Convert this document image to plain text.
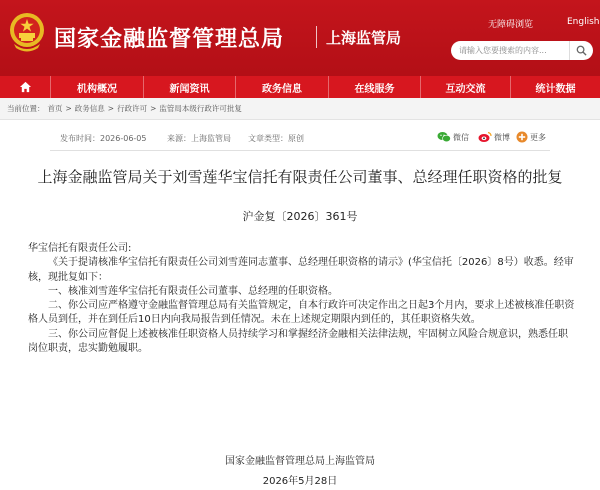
国家金融监督管理总局	上海监管局
无障碍浏览	English
请输入您要搜索的内容...
机构概况	新闻资讯	政务信息	在线服务	互动交流	统计数据
当前位置： 首页 > 政务信息 > 行政许可 > 监管局本级行政许可批复
发布时间：2026-06-05	来源：上海监管局 文章类型：原创	微信	微博	更多
上海金融监管局关于刘雪莲华宝信托有限责任公司董事、总经理任职资格的批复
沪金复〔2026〕361号

华宝信托有限责任公司:

《关于提请核准华宝信托有限责任公司刘雪莲同志董事、总经理任职资格的请示》(华宝信托〔2026〕8号）收悉。经审核，现批复如下：

一、核准刘雪莲华宝信托有限责任公司董事、总经理的任职资格。

二、你公司应严格遵守金融监督管理总局有关监管规定，自本行政许可决定作出之日起3个月内，要求上述被核准任职资格人员到任，并在到任后10日内向我局报告到任情况。未在上述规定期限内到任的，其任职资格失效。

三、你公司应督促上述被核准任职资格人员持续学习和掌握经济金融相关法律法规，牢固树立风险合规意识，熟悉任职岗位职责，忠实勤勉履职。

国家金融监督管理总局上海监管局
2026年5月28日
